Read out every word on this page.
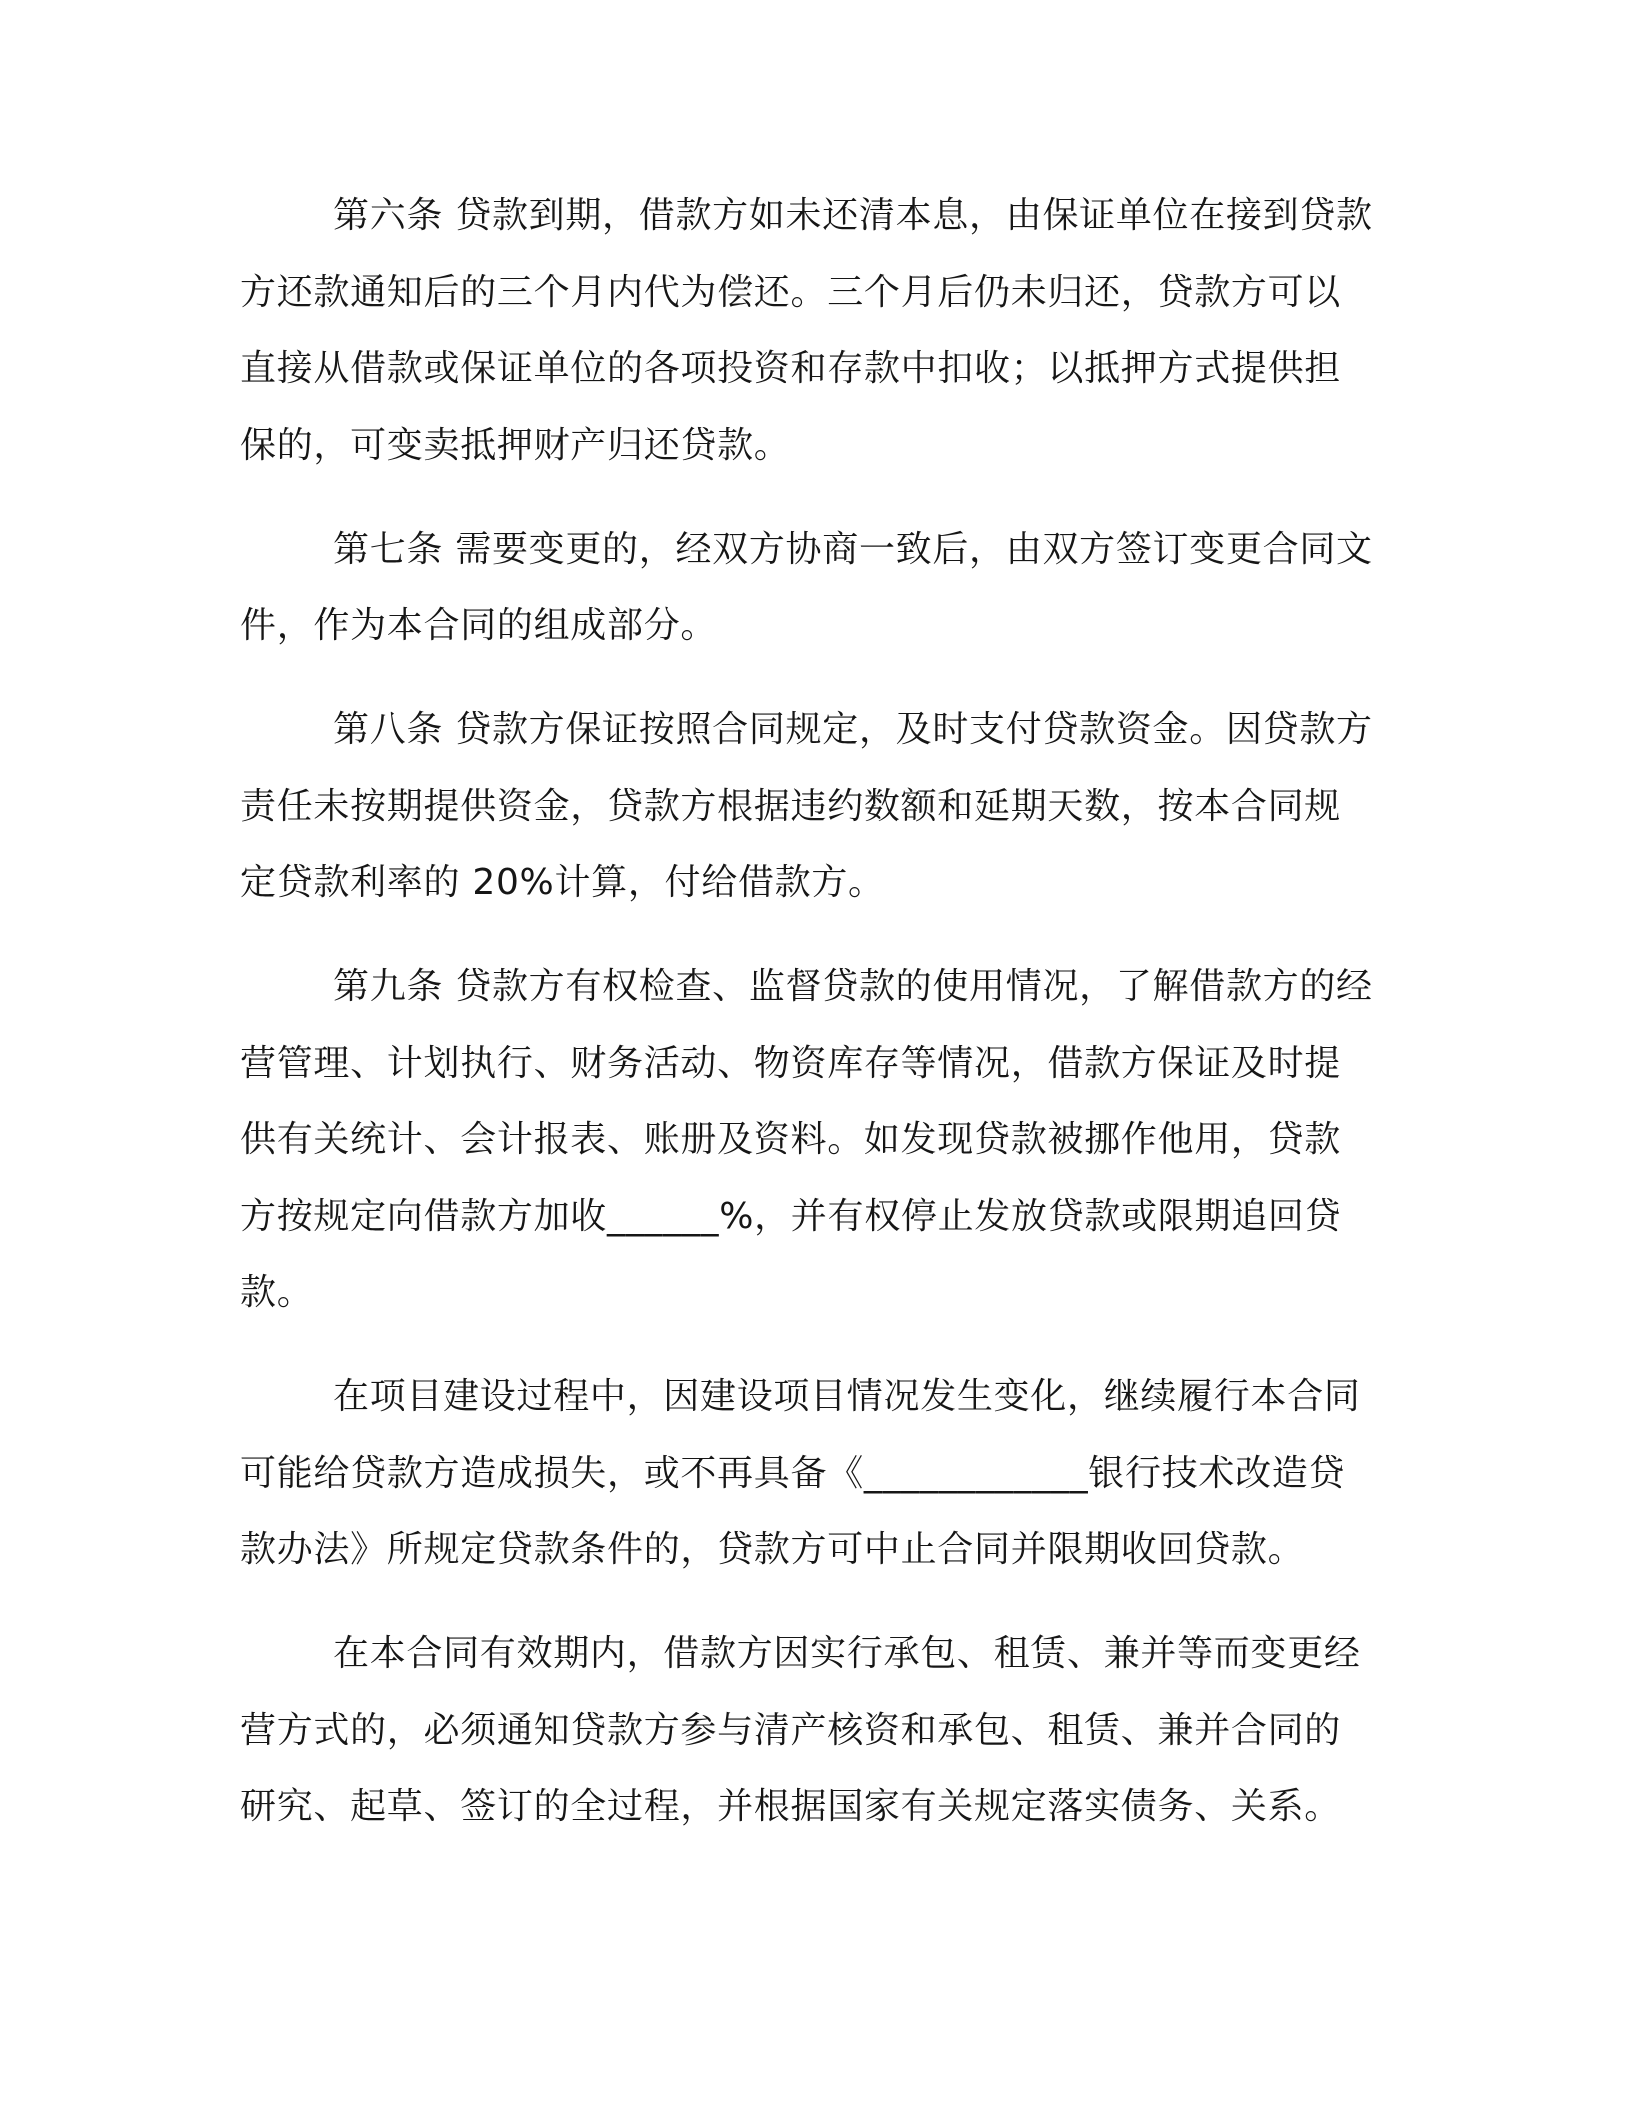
第六条 贷款到期，借款方如未还清本息，由保证单位在接到贷款
方还款通知后的三个月内代为偿还。三个月后仍未归还，贷款方可以
直接从借款或保证单位的各项投资和存款中扣收；以抵押方式提供担
保的，可变卖抵押财产归还贷款。
第七条 需要变更的，经双方协商一致后，由双方签订变更合同文
件，作为本合同的组成部分。
第八条 贷款方保证按照合同规定，及时支付贷款资金。因贷款方
责任未按期提供资金，贷款方根据违约数额和延期天数，按本合同规
定贷款利率的 20%计算，付给借款方。
第九条 贷款方有权检查、监督贷款的使用情况，了解借款方的经
营管理、计划执行、财务活动、物资库存等情况，借款方保证及时提
供有关统计、会计报表、账册及资料。如发现贷款被挪作他用，贷款
方按规定向借款方加收______%，并有权停止发放贷款或限期追回贷
款。
在项目建设过程中，因建设项目情况发生变化，继续履行本合同
可能给贷款方造成损失，或不再具备《____________银行技术改造贷
款办法》所规定贷款条件的，贷款方可中止合同并限期收回贷款。
在本合同有效期内，借款方因实行承包、租赁、兼并等而变更经
营方式的，必须通知贷款方参与清产核资和承包、租赁、兼并合同的
研究、起草、签订的全过程，并根据国家有关规定落实债务、关系。
